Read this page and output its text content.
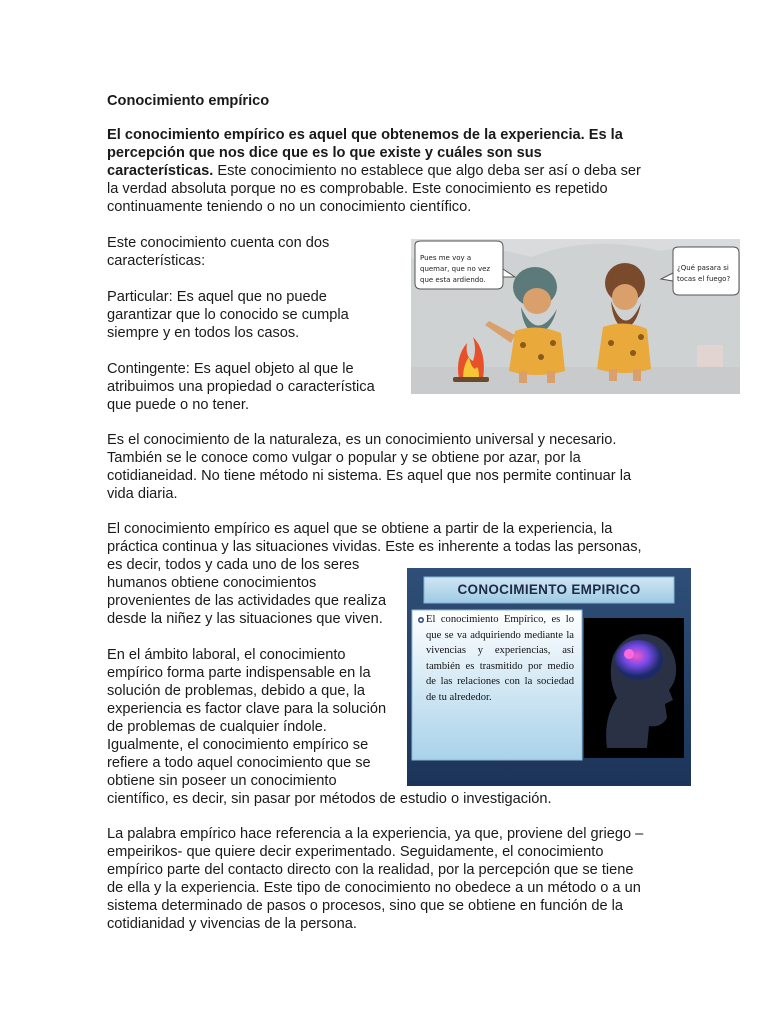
Conocimiento empírico

El conocimiento empírico es aquel que obtenemos de la experiencia. Es la
percepción que nos dice que es lo que existe y cuáles son sus
características. Este conocimiento no establece que algo deba ser así o deba ser
la verdad absoluta porque no es comprobable. Este conocimiento es repetido
continuamente teniendo o no un conocimiento científico.

Este conocimiento cuenta con dos
características:

Particular: Es aquel que no puede
garantizar que lo conocido se cumpla
siempre y en todos los casos.

Contingente: Es aquel objeto al que le
atribuimos una propiedad o característica
que puede o no tener.

Es el conocimiento de la naturaleza, es un conocimiento universal y necesario.
También se le conoce como vulgar o popular y se obtiene por azar, por la
cotidianeidad. No tiene método ni sistema. Es aquel que nos permite continuar la
vida diaria.

El conocimiento empírico es aquel que se obtiene a partir de la experiencia, la
práctica continua y las situaciones vividas. Este es inherente a todas las personas,
es decir, todos y cada uno de los seres
humanos obtiene conocimientos
provenientes de las actividades que realiza
desde la niñez y las situaciones que viven.

En el ámbito laboral, el conocimiento
empírico forma parte indispensable en la
solución de problemas, debido a que, la
experiencia es factor clave para la solución
de problemas de cualquier índole.
Igualmente, el conocimiento empírico se
refiere a todo aquel conocimiento que se
obtiene sin poseer un conocimiento
científico, es decir, sin pasar por métodos de estudio o investigación.

La palabra empírico hace referencia a la experiencia, ya que, proviene del griego –
empeirikos- que quiere decir experimentado. Seguidamente, el conocimiento
empírico parte del contacto directo con la realidad, por la percepción que se tiene
de ella y la experiencia. Este tipo de conocimiento no obedece a un método o a un
sistema determinado de pasos o procesos, sino que se obtiene en función de la
cotidianidad y vivencias de la persona.

Pues me voy a
quemar, que no vez
que esta ardiendo.
¿Qué pasara si
tocas el fuego?
CONOCIMIENTO EMPIRICO
El conocimiento Empírico, es lo que se va adquiriendo mediante la vivencias y experiencias, así también es trasmitido por medio de las relaciones con la sociedad de tu alrededor.
